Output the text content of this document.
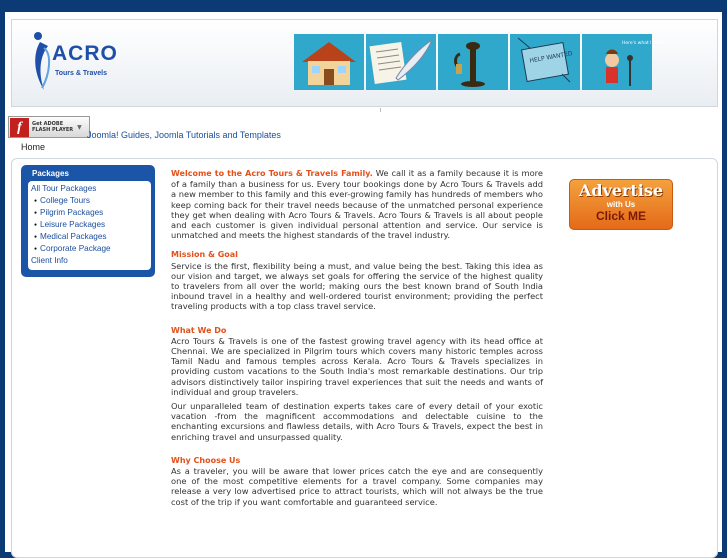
ACRO
Tours & Travels
HELP WANTED
Here's what I think...
f	Get ADOBE
FLASH PLAYER ▼
Joomla! Guides, Joomla Tutorials and Templates
Home
Packages
All Tour Packages
● College Tours
● Pilgrim Packages
● Leisure Packages
● Medical Packages
● Corporate Package
Client Info

Welcome to the Acro Tours & Travels Family. We call it as a family because it is more of a family than a business for us. Every tour bookings done by Acro Tours & Travels add a new member to this family and this ever-growing family has hundreds of members who keep coming back for their travel needs because of the unmatched personal experience they get when dealing with Acro Tours & Travels. Acro Tours & Travels is all about people and each customer is given individual personal attention and service. Our service is unmatched and meets the highest standards of the travel industry.

Mission & Goal

Service is the first, flexibility being a must, and value being the best. Taking this idea as our vision and target, we always set goals for offering the service of the highest quality to travelers from all over the world; making ours the best known brand of South India inbound travel in a healthy and well-ordered tourist environment; providing the perfect traveling products with a top class travel service.

What We Do

Acro Tours & Travels is one of the fastest growing travel agency with its head office at Chennai. We are specialized in Pilgrim tours which covers many historic temples across Tamil Nadu and famous temples across Kerala. Acro Tours & Travels specializes in providing custom vacations to the South India's most remarkable destinations. Our trip advisors distinctively tailor inspiring travel experiences that suit the needs and wants of individual and group travelers.

Our unparalleled team of destination experts takes care of every detail of your exotic vacation -from the magnificent accommodations and delectable cuisine to the enchanting excursions and flawless details, with Acro Tours & Travels, expect the best in enriching travel and unsurpassed quality.

Why Choose Us

As a traveler, you will be aware that lower prices catch the eye and are consequently one of the most competitive elements for a travel company. Some companies may release a very low advertised price to attract tourists, which will not always be the true cost of the trip if you want comfortable and guaranteed service.

Advertise
with Us
Click ME
